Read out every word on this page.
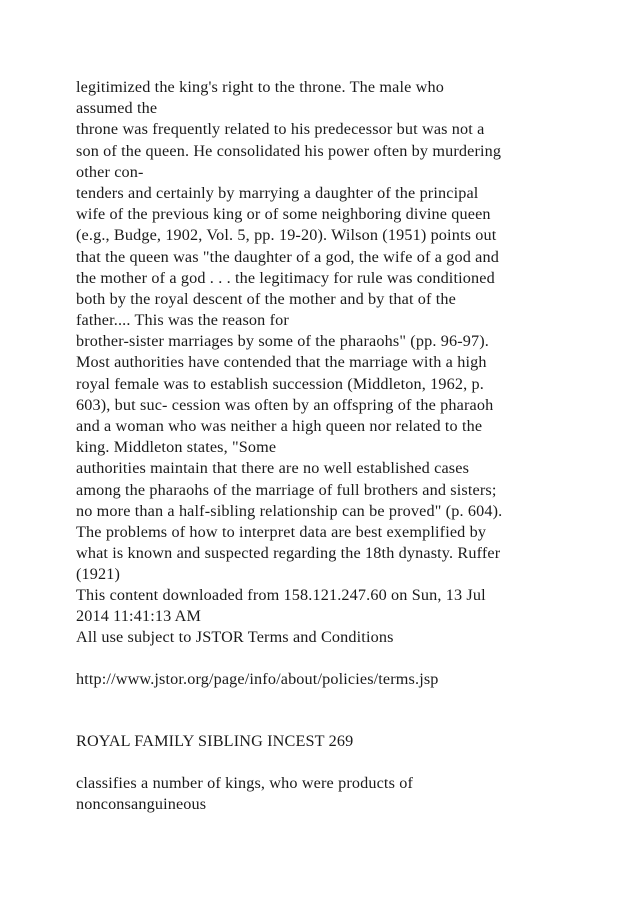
legitimized the king's right to the throne. The male who
assumed the
throne was frequently related to his predecessor but was not a
son of the queen. He consolidated his power often by murdering
other con-
tenders and certainly by marrying a daughter of the principal
wife of the previous king or of some neighboring divine queen
(e.g., Budge, 1902, Vol. 5, pp. 19-20). Wilson (1951) points out
that the queen was "the daughter of a god, the wife of a god and
the mother of a god . . . the legitimacy for rule was conditioned
both by the royal descent of the mother and by that of the
father.... This was the reason for
brother-sister marriages by some of the pharaohs" (pp. 96-97).
Most authorities have contended that the marriage with a high
royal female was to establish succession (Middleton, 1962, p.
603), but suc- cession was often by an offspring of the pharaoh
and a woman who was neither a high queen nor related to the
king. Middleton states, "Some
authorities maintain that there are no well established cases
among the pharaohs of the marriage of full brothers and sisters;
no more than a half-sibling relationship can be proved" (p. 604).
The problems of how to interpret data are best exemplified by
what is known and suspected regarding the 18th dynasty. Ruffer
(1921)
This content downloaded from 158.121.247.60 on Sun, 13 Jul
2014 11:41:13 AM
All use subject to JSTOR Terms and Conditions
http://www.jstor.org/page/info/about/policies/terms.jsp
ROYAL FAMILY SIBLING INCEST 269
classifies a number of kings, who were products of
nonconsanguineous
